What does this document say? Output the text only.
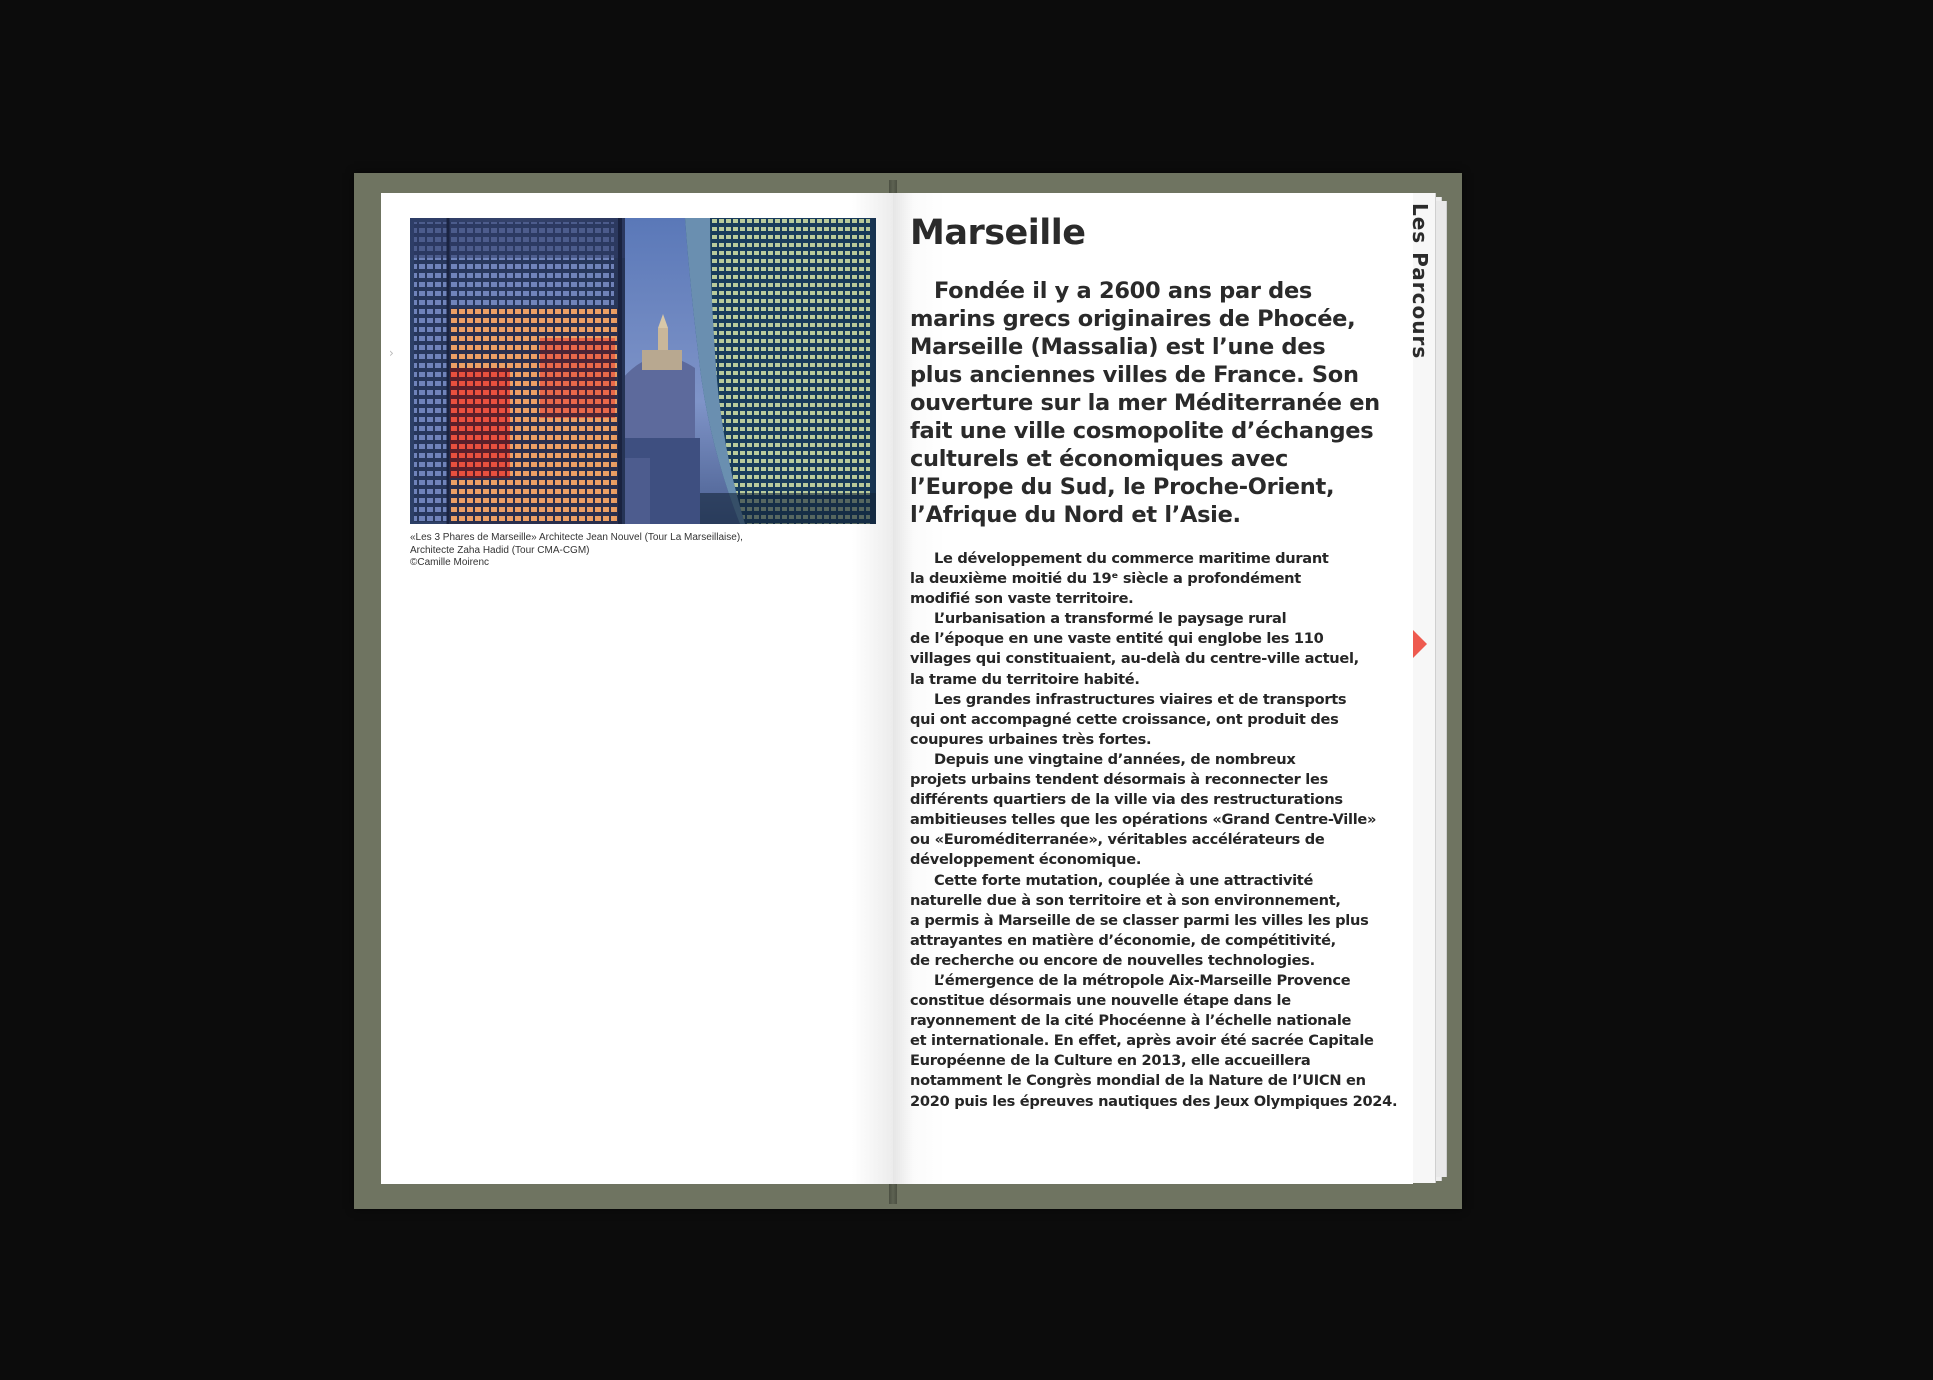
Les Parcours
›
«Les 3 Phares de Marseille» Architecte Jean Nouvel (Tour La Marseillaise),
Architecte Zaha Hadid (Tour CMA-CGM)
©Camille Moirenc
Marseille
Fondée il y a 2600 ans par des
marins grecs originaires de Phocée,
Marseille (Massalia) est l’une des
plus anciennes villes de France. Son
ouverture sur la mer Méditerranée en
fait une ville cosmopolite d’échanges
culturels et économiques avec
l’Europe du Sud, le Proche-Orient,
l’Afrique du Nord et l’Asie.
Le développement du commerce maritime durant
la deuxième moitié du 19ᵉ siècle a profondément
modifié son vaste territoire.
L’urbanisation a transformé le paysage rural
de l’époque en une vaste entité qui englobe les 110
villages qui constituaient, au-delà du centre-ville actuel,
la trame du territoire habité.
Les grandes infrastructures viaires et de transports
qui ont accompagné cette croissance, ont produit des
coupures urbaines très fortes.
Depuis une vingtaine d’années, de nombreux
projets urbains tendent désormais à reconnecter les
différents quartiers de la ville via des restructurations
ambitieuses telles que les opérations «Grand Centre-Ville»
ou «Euroméditerranée», véritables accélérateurs de
développement économique.
Cette forte mutation, couplée à une attractivité
naturelle due à son territoire et à son environnement,
a permis à Marseille de se classer parmi les villes les plus
attrayantes en matière d’économie, de compétitivité,
de recherche ou encore de nouvelles technologies.
L’émergence de la métropole Aix-Marseille Provence
constitue désormais une nouvelle étape dans le
rayonnement de la cité Phocéenne à l’échelle nationale
et internationale. En effet, après avoir été sacrée Capitale
Européenne de la Culture en 2013, elle accueillera
notamment le Congrès mondial de la Nature de l’UICN en
2020 puis les épreuves nautiques des Jeux Olympiques 2024.
